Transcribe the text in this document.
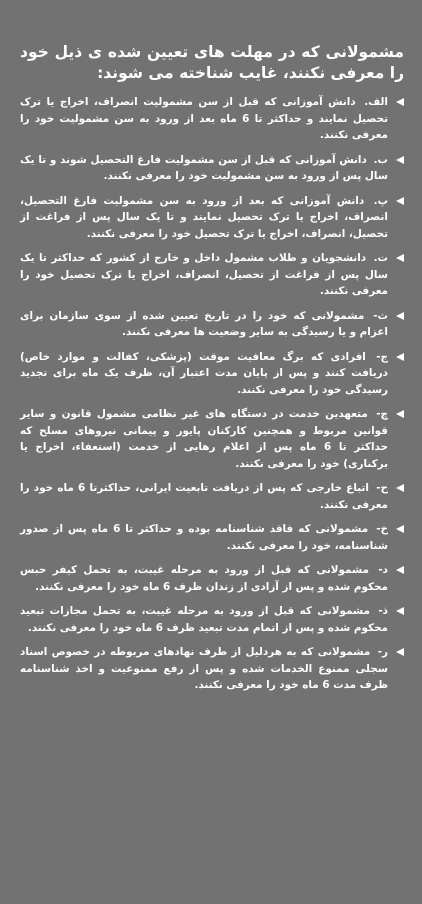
مشمولانی که در مهلت های تعیین شده ی ذیل خود را معرفی نکنند، غایب شناخته می شوند:
الف. دانش آموزانی که قبل از سن مشمولیت انصراف، اخراج یا ترک تحصیل نمایند و حداکثر تا 6 ماه بعد از ورود به سن مشمولیت خود را معرفی نکنند.
ب. دانش آموزانی که قبل از سن مشمولیت فارغ التحصیل شوند و تا یک سال پس از ورود به سن مشمولیت خود را معرفی نکنند.
پ. دانش آموزانی که بعد از ورود به سن مشمولیت فارغ التحصیل، انصراف، اخراج یا ترک تحصیل نمایند و تا یک سال پس از فراغت از تحصیل، انصراف، اخراج یا ترک تحصیل خود را معرفی نکنند.
ت. دانشجویان و طلاب مشمول داخل و خارج از کشور که حداکثر تا یک سال پس از فراغت از تحصیل، انصراف، اخراج یا ترک تحصیل خود را معرفی نکنند.
ث- مشمولانی که خود را در تاریخ تعیین شده از سوی سازمان برای اعزام و یا رسیدگی به سایر وضعیت ها معرفی نکنند.
ج- افرادی که برگ معافیت موقت (پزشکی، کفالت و موارد خاص) دریافت کنند و پس از پایان مدت اعتبار آن، ظرف یک ماه برای تجدید رسیدگی خود را معرفی نکنند.
چ- متعهدین خدمت در دستگاه های غیر نظامی مشمول قانون و سایر قوانین مربوط و همچنین کارکنان پایور و پیمانی نیروهای مسلح که حداکثر تا 6 ماه پس از اعلام رهایی از خدمت (استعفاء، اخراج یا برکناری) خود را معرفی نکنند.
ح- اتباع خارجی که پس از دریافت تابعیت ایرانی، حداکثرتا 6 ماه خود را معرفی نکنند.
خ- مشمولانی که فاقد شناسنامه بوده و حداکثر تا 6 ماه پس از صدور شناسنامه، خود را معرفی نکنند.
د- مشمولانی که قبل از ورود به مرحله غیبت، به تحمل کیفر حبس محکوم شده و پس از آزادی از زندان ظرف 6 ماه خود را معرفی نکنند.
ذ- مشمولانی که قبل از ورود به مرحله غیبت، به تحمل مجازات تبعید محکوم شده و پس از اتمام مدت تبعید ظرف 6 ماه خود را معرفی نکنند.
ر- مشمولانی که به هردلیل از طرف نهادهای مربوطه در خصوص اسناد سجلی ممنوع الخدمات شده و پس از رفع ممنوعیت و اخذ شناسنامه ظرف مدت 6 ماه خود را معرفی نکنند.
